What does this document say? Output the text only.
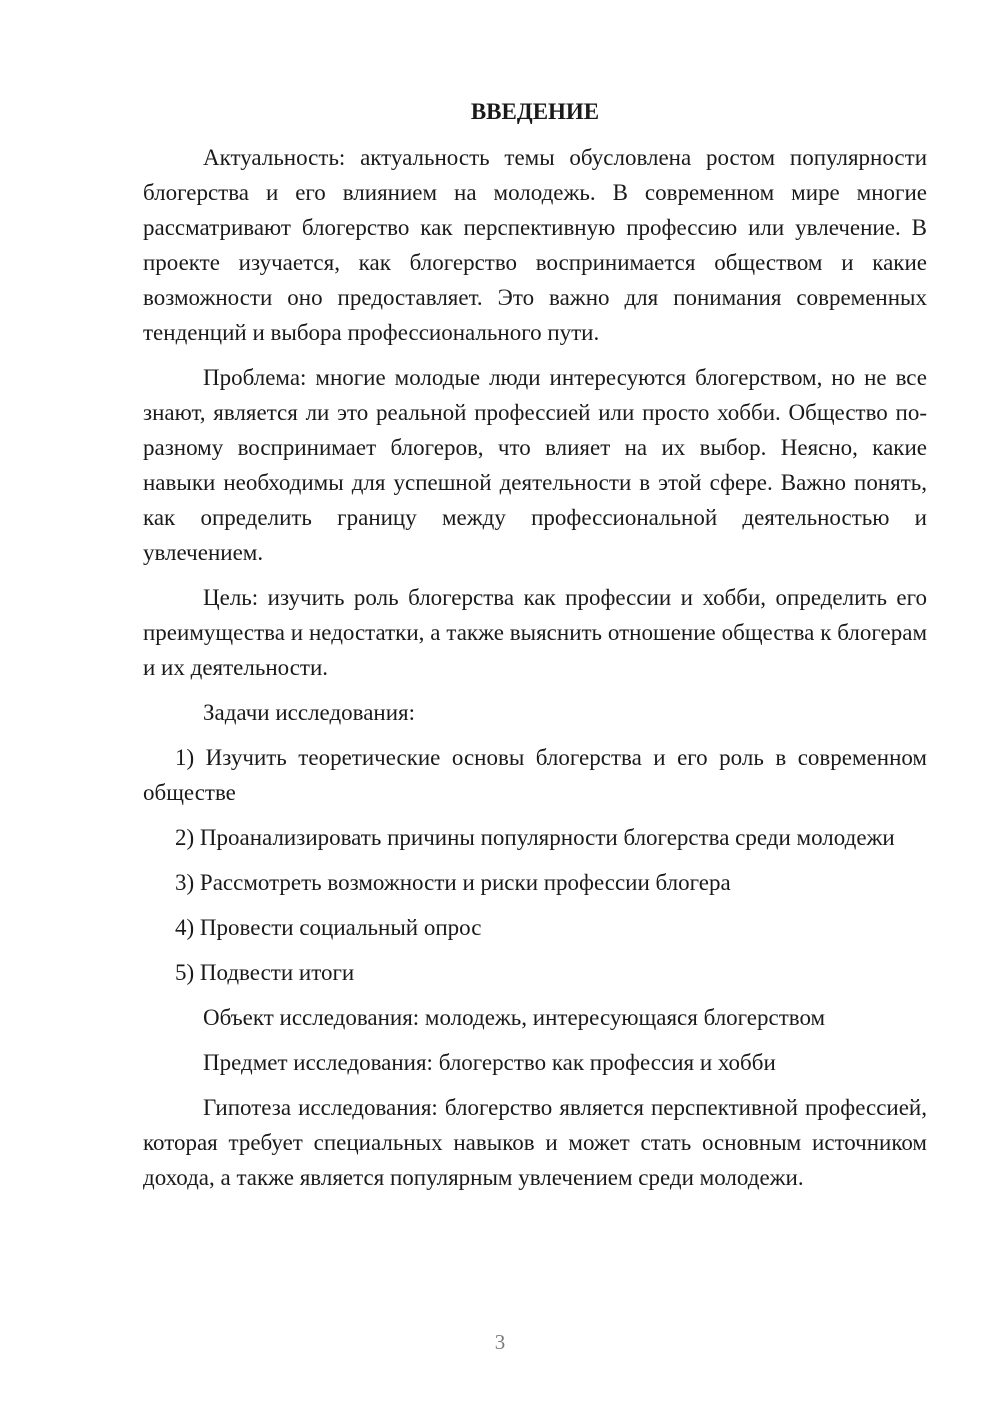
ВВЕДЕНИЕ

Актуальность: актуальность темы обусловлена ростом популярности блогерства и его влиянием на молодежь. В современном мире многие рассматривают блогерство как перспективную профессию или увлечение. В проекте изучается, как блогерство воспринимается обществом и какие возможности оно предоставляет. Это важно для понимания современных тенденций и выбора профессионального пути.

Проблема: многие молодые люди интересуются блогерством, но не все знают, является ли это реальной профессией или просто хобби. Общество по-разному воспринимает блогеров, что влияет на их выбор. Неясно, какие навыки необходимы для успешной деятельности в этой сфере. Важно понять, как определить границу между профессиональной деятельностью и увлечением.

Цель: изучить роль блогерства как профессии и хобби, определить его преимущества и недостатки, а также выяснить отношение общества к блогерам и их деятельности.

Задачи исследования:

1) Изучить теоретические основы блогерства и его роль в современном обществе

2) Проанализировать причины популярности блогерства среди молодежи

3) Рассмотреть возможности и риски профессии блогера

4) Провести социальный опрос

5) Подвести итоги

Объект исследования: молодежь, интересующаяся блогерством

Предмет исследования: блогерство как профессия и хобби

Гипотеза исследования: блогерство является перспективной профессией, которая требует специальных навыков и может стать основным источником дохода, а также является популярным увлечением среди молодежи.

3
